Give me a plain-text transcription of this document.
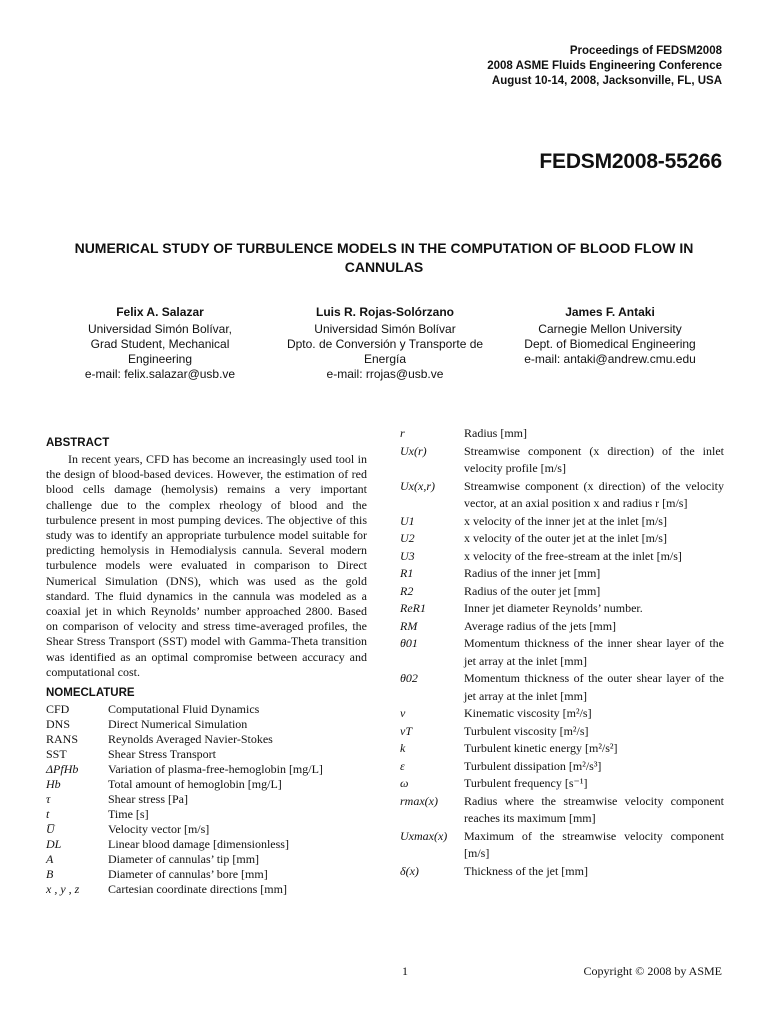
Proceedings of FEDSM2008
2008 ASME Fluids Engineering Conference
August 10-14, 2008, Jacksonville, FL, USA
FEDSM2008-55266
NUMERICAL STUDY OF TURBULENCE MODELS IN THE COMPUTATION OF BLOOD FLOW IN CANNULAS
Felix A. Salazar
Universidad Simón Bolívar,
Grad Student, Mechanical
Engineering
e-mail: felix.salazar@usb.ve
Luis R. Rojas-Solórzano
Universidad Simón Bolívar
Dpto. de Conversión y Transporte de
Energía
e-mail: rrojas@usb.ve
James F. Antaki
Carnegie Mellon University
Dept. of Biomedical Engineering
e-mail: antaki@andrew.cmu.edu
ABSTRACT
In recent years, CFD has become an increasingly used tool in the design of blood-based devices. However, the estimation of red blood cells damage (hemolysis) remains a very important challenge due to the complex rheology of blood and the turbulence present in most pumping devices. The objective of this study was to identify an appropriate turbulence model suitable for predicting hemolysis in Hemodialysis cannula. Several modern turbulence models were evaluated in comparison to Direct Numerical Simulation (DNS), which was used as the gold standard. The fluid dynamics in the cannula was modeled as a coaxial jet in which Reynolds’ number approached 2800. Based on comparison of velocity and stress time-averaged profiles, the Shear Stress Transport (SST) model with Gamma-Theta transition was identified as an optimal compromise between accuracy and computational cost.
NOMECLATURE
CFD	Computational Fluid Dynamics
DNS	Direct Numerical Simulation
RANS	Reynolds Averaged Navier-Stokes
SST	Shear Stress Transport
ΔPfHb	Variation of plasma-free-hemoglobin [mg/L]
Hb	Total amount of hemoglobin [mg/L]
τ	Shear stress [Pa]
t	Time [s]
U̅	Velocity vector [m/s]
DL	Linear blood damage [dimensionless]
A	Diameter of cannulas’ tip [mm]
B	Diameter of cannulas’ bore [mm]
x , y , z	Cartesian coordinate directions [mm]
r	Radius [mm]
Ux(r)	Streamwise component (x direction) of the inlet velocity profile [m/s]
Ux(x,r)	Streamwise component (x direction) of the velocity vector, at an axial position x and radius r [m/s]
U1	x velocity of the inner jet at the inlet [m/s]
U2	x velocity of the outer jet at the inlet [m/s]
U3	x velocity of the free-stream at the inlet [m/s]
R1	Radius of the inner jet [mm]
R2	Radius of the outer jet [mm]
ReR1	Inner jet diameter Reynolds’ number.
RM	Average radius of the jets [mm]
θ01	Momentum thickness of the inner shear layer of the jet array at the inlet [mm]
θ02	Momentum thickness of the outer shear layer of the jet array at the inlet [mm]
ν	Kinematic viscosity [m²/s]
νT	Turbulent viscosity [m²/s]
k	Turbulent kinetic energy [m²/s²]
ε	Turbulent dissipation [m²/s³]
ω	Turbulent frequency [s⁻¹]
rmax(x)	Radius where the streamwise velocity component reaches its maximum [mm]
Uxmax(x)	Maximum of the streamwise velocity component [m/s]
δ(x)	Thickness of the jet [mm]
1	Copyright © 2008 by ASME
